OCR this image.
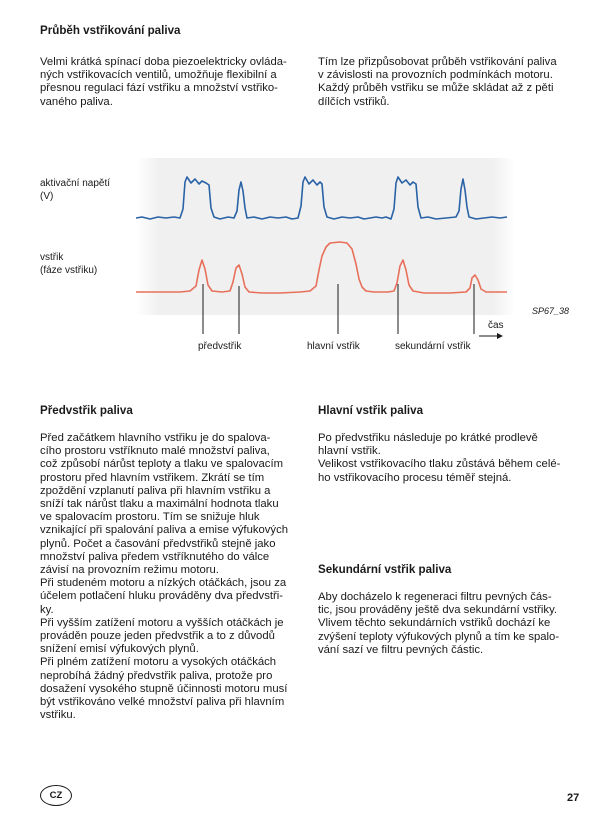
Průběh vstřikování paliva
Velmi krátká spínací doba piezoelektricky ovláda-
ných vstřikovacích ventilů, umožňuje flexibilní a
přesnou regulaci fází vstřiku a množství vstřiko-
vaného paliva.
Tím lze přizpůsobovat průběh vstřikování paliva
v závislosti na provozních podmínkách motoru.
Každý průběh vstřiku se může skládat až z pěti
dílčích vstřiků.
aktivační napětí
(V)
vstřik
(fáze vstřiku)
SP67_38
čas
předvstřik	hlavní vstřik	sekundární vstřik
Předvstřik paliva
Před začátkem hlavního vstřiku je do spalova-
cího prostoru vstříknuto malé množství paliva,
což způsobí nárůst teploty a tlaku ve spalovacím
prostoru před hlavním vstřikem. Zkrátí se tím
zpoždění vzplanutí paliva při hlavním vstřiku a
sníží tak nárůst tlaku a maximální hodnota tlaku
ve spalovacím prostoru. Tím se snižuje hluk
vznikající při spalování paliva a emise výfukových
plynů. Počet a časování předvstřiků stejně jako
množství paliva předem vstříknutého do válce
závisí na provozním režimu motoru.
Při studeném motoru a nízkých otáčkách, jsou za
účelem potlačení hluku prováděny dva předvstři-
ky.
Při vyšším zatížení motoru a vyšších otáčkách je
prováděn pouze jeden předvstřik a to z důvodů
snížení emisí výfukových plynů.
Při plném zatížení motoru a vysokých otáčkách
neprobíhá žádný předvstřik paliva, protože pro
dosažení vysokého stupně účinnosti motoru musí
být vstřikováno velké množství paliva při hlavním
vstřiku.
Hlavní vstřik paliva
Po předvstřiku následuje po krátké prodlevě
hlavní vstřik.
Velikost vstřikovacího tlaku zůstává během celé-
ho vstřikovacího procesu téměř stejná.
Sekundární vstřik paliva
Aby docházelo k regeneraci filtru pevných čás-
tic, jsou prováděny ještě dva sekundární vstřiky.
Vlivem těchto sekundárních vstřiků dochází ke
zvýšení teploty výfukových plynů a tím ke spalo-
vání sazí ve filtru pevných částic.
CZ	27
